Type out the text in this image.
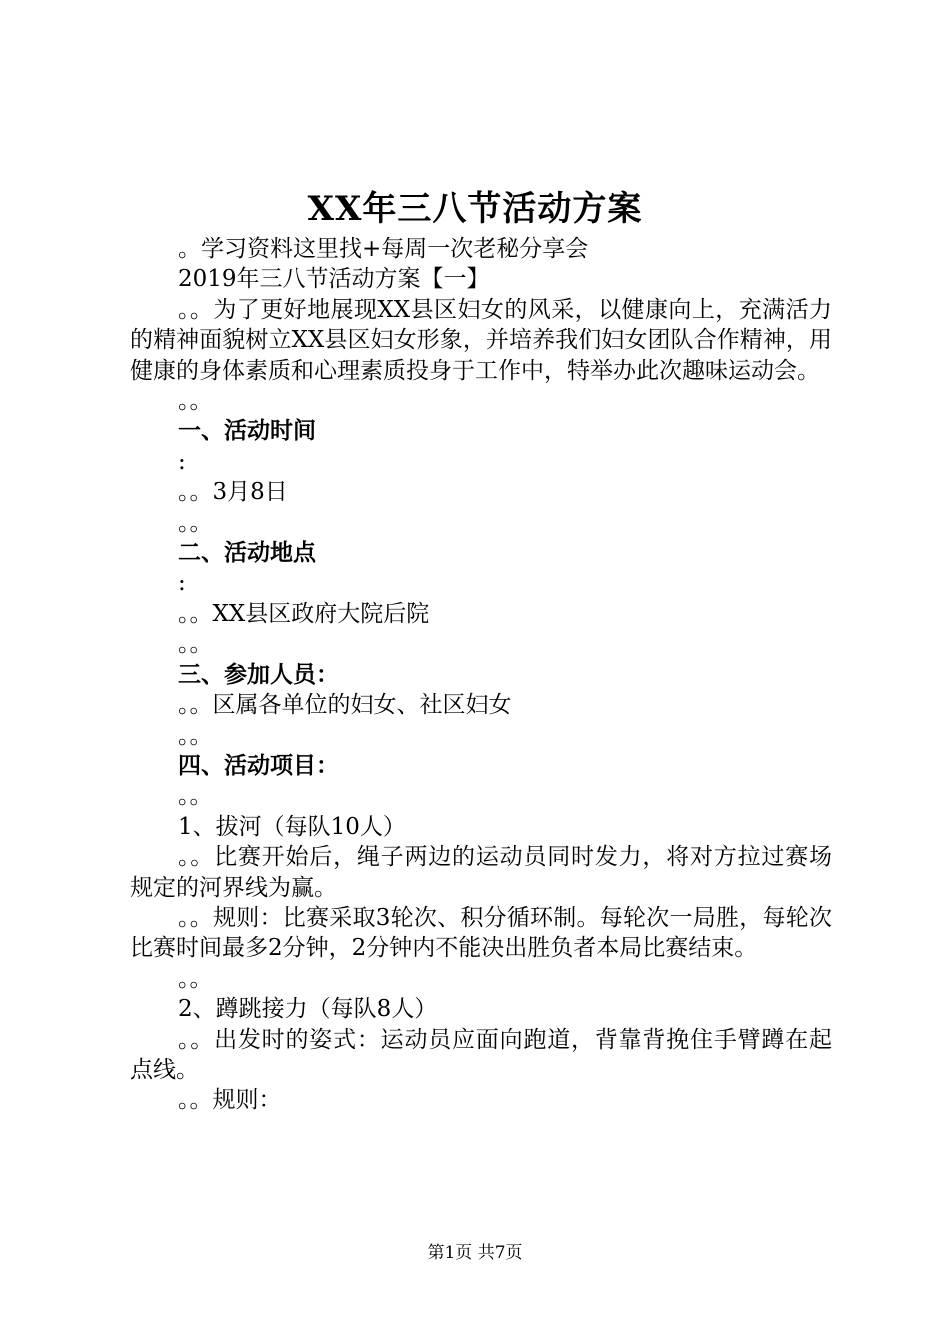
XX年三八节活动方案

。学习资料这里找+每周一次老秘分享会

2019年三八节活动方案【一】

。。为了更好地展现XX县区妇女的风采，以健康向上，充满活力的精神面貌树立XX县区妇女形象，并培养我们妇女团队合作精神，用健康的身体素质和心理素质投身于工作中，特举办此次趣味运动会。

。。

一、活动时间

:

。。3月8日

。。

二、活动地点

:

。。XX县区政府大院后院

。。

三、参加人员：

。。区属各单位的妇女、社区妇女

。。

四、活动项目：

。。

1、拔河（每队10人）

。。比赛开始后，绳子两边的运动员同时发力，将对方拉过赛场规定的河界线为赢。

。。规则：比赛采取3轮次、积分循环制。每轮次一局胜，每轮次比赛时间最多2分钟，2分钟内不能决出胜负者本局比赛结束。

。。

2、蹲跳接力（每队8人）

。。出发时的姿式：运动员应面向跑道，背靠背挽住手臂蹲在起点线。

。。规则：

第1页 共7页
